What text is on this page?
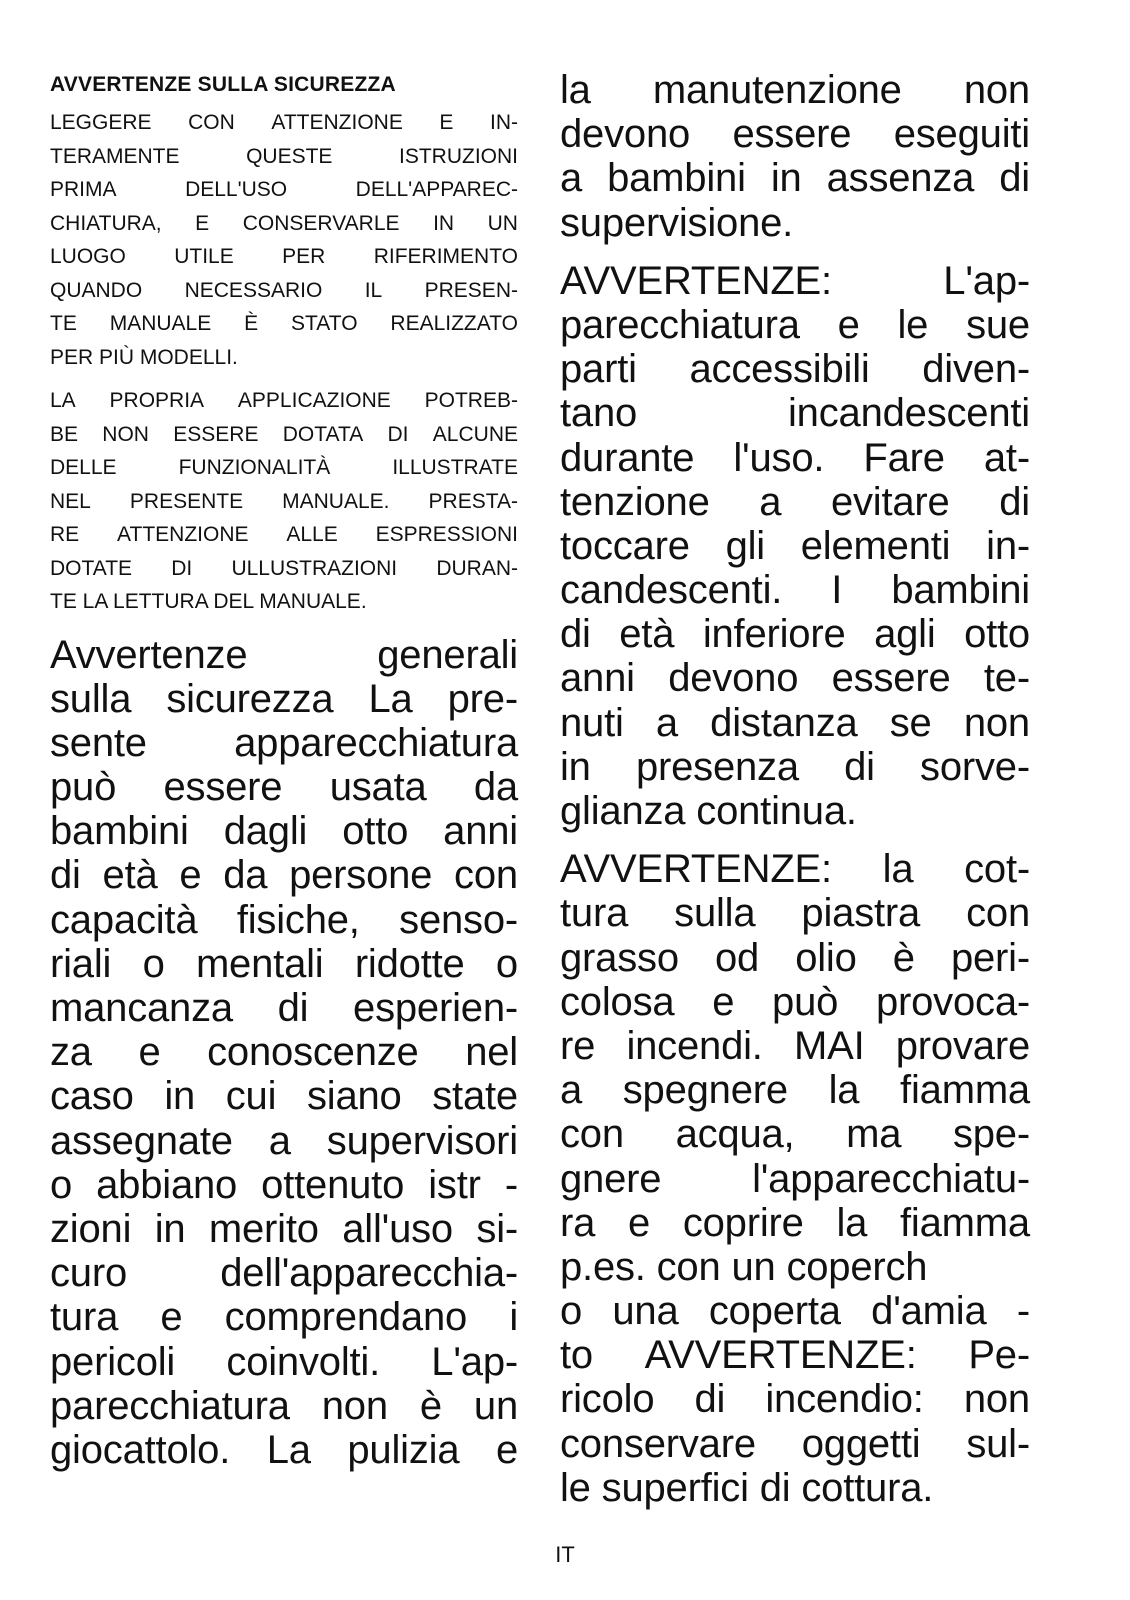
AVVERTENZE SULLA SICUREZZA
LEGGERE CON ATTENZIONE E IN-
TERAMENTE	QUESTE	ISTRUZIONI
PRIMA	DELL'USO	DELL'APPAREC-
CHIATURA, E CONSERVARLE IN UN
LUOGO UTILE PER RIFERIMENTO
QUANDO NECESSARIO IL PRESEN-
TE MANUALE È STATO REALIZZATO
PER PIÙ MODELLI.
LA PROPRIA APPLICAZIONE POTREB-
BE NON ESSERE DOTATA DI ALCUNE
DELLE	FUNZIONALITÀ	ILLUSTRATE
NEL PRESENTE MANUALE. PRESTA-
RE ATTENZIONE ALLE ESPRESSIONI
DOTATE DI ULLUSTRAZIONI DURAN-
TE LA LETTURA DEL MANUALE.
Avvertenze	generali
sulla sicurezza La pre-
sente apparecchiatura
può essere usata da
bambini dagli otto anni
di età e da persone con
capacità fisiche, senso-
riali o mentali ridotte o
mancanza di esperien-
za e conoscenze nel
caso in cui siano state
assegnate a supervisori
o abbiano ottenuto istr -
zioni in merito all'uso si-
curo dell'apparecchia-
tura e comprendano i
pericoli coinvolti. L'ap-
parecchiatura non è un
giocattolo. La pulizia e
la manutenzione non
devono essere eseguiti
a bambini in assenza di
supervisione.
AVVERTENZE:	L'ap-
parecchiatura e le sue
parti accessibili diven-
tano	incandescenti
durante l'uso. Fare at-
tenzione a evitare di
toccare gli elementi in-
candescenti. I bambini
di età inferiore agli otto
anni devono essere te-
nuti a distanza se non
in presenza di sorve-
glianza continua.
AVVERTENZE: la cot-
tura sulla piastra con
grasso od olio è peri-
colosa e può provoca-
re incendi. MAI provare
a spegnere la fiamma
con acqua, ma spe-
gnere l'apparecchiatu-
ra e coprire la fiamma
p.es. con un coperch
o una coperta d'amia -
to AVVERTENZE: Pe-
ricolo di incendio: non
conservare oggetti sul-
le superfici di cottura.
IT
